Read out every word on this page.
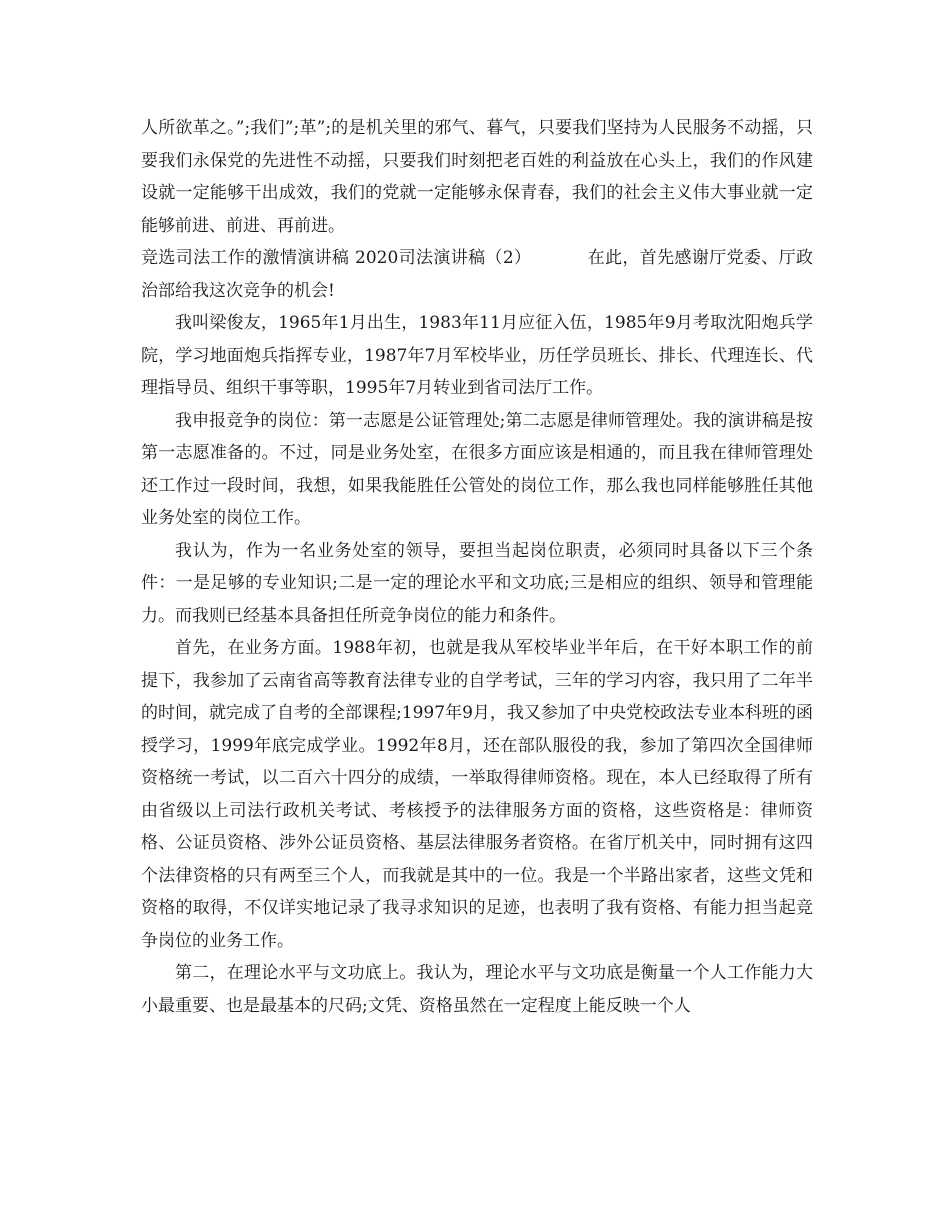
人所欲革之。”;我们”;革”;的是机关里的邪气、暮气，只要我们坚持为人民服务不动摇，只要我们永保党的先进性不动摇，只要我们时刻把老百姓的利益放在心头上，我们的作风建设就一定能够干出成效，我们的党就一定能够永保青春，我们的社会主义伟大事业就一定能够前进、前进、再前进。

竞选司法工作的激情演讲稿 2020司法演讲稿（2）	在此，首先感谢厅党委、厅政治部给我这次竞争的机会!

我叫梁俊友，1965年1月出生，1983年11月应征入伍，1985年9月考取沈阳炮兵学院，学习地面炮兵指挥专业，1987年7月军校毕业，历任学员班长、排长、代理连长、代理指导员、组织干事等职，1995年7月转业到省司法厅工作。

我申报竞争的岗位：第一志愿是公证管理处;第二志愿是律师管理处。我的演讲稿是按第一志愿准备的。不过，同是业务处室，在很多方面应该是相通的，而且我在律师管理处还工作过一段时间，我想，如果我能胜任公管处的岗位工作，那么我也同样能够胜任其他业务处室的岗位工作。

我认为，作为一名业务处室的领导，要担当起岗位职责，必须同时具备以下三个条件：一是足够的专业知识;二是一定的理论水平和文功底;三是相应的组织、领导和管理能力。而我则已经基本具备担任所竞争岗位的能力和条件。

首先，在业务方面。1988年初，也就是我从军校毕业半年后，在干好本职工作的前提下，我参加了云南省高等教育法律专业的自学考试，三年的学习内容，我只用了二年半的时间，就完成了自考的全部课程;1997年9月，我又参加了中央党校政法专业本科班的函授学习，1999年底完成学业。1992年8月，还在部队服役的我，参加了第四次全国律师资格统一考试，以二百六十四分的成绩，一举取得律师资格。现在，本人已经取得了所有由省级以上司法行政机关考试、考核授予的法律服务方面的资格，这些资格是：律师资格、公证员资格、涉外公证员资格、基层法律服务者资格。在省厅机关中，同时拥有这四个法律资格的只有两至三个人，而我就是其中的一位。我是一个半路出家者，这些文凭和资格的取得，不仅详实地记录了我寻求知识的足迹，也表明了我有资格、有能力担当起竞争岗位的业务工作。

第二，在理论水平与文功底上。我认为，理论水平与文功底是衡量一个人工作能力大小最重要、也是最基本的尺码;文凭、资格虽然在一定程度上能反映一个人
